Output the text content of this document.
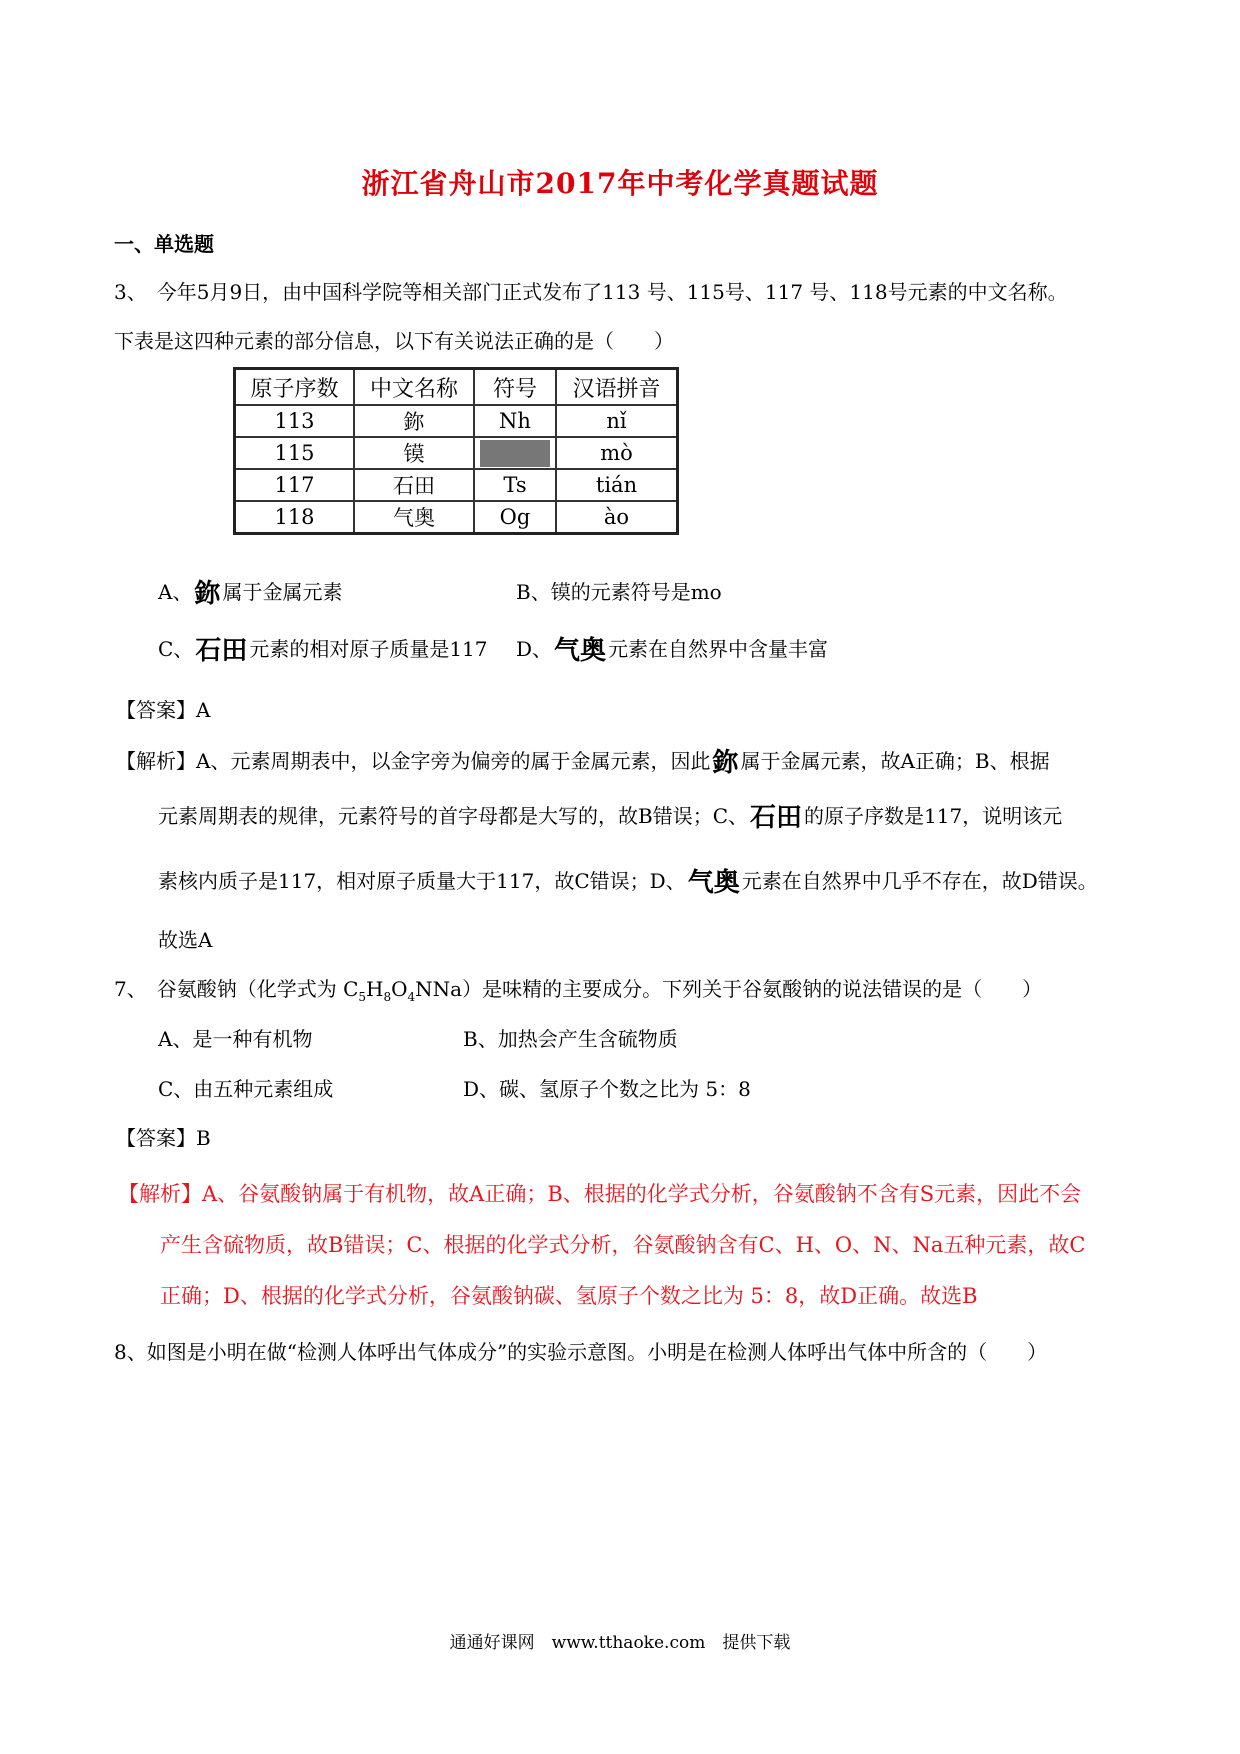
浙江省舟山市2017年中考化学真题试题
一、单选题
3、　今年5月9日，由中国科学院等相关部门正式发布了113 号、115号、117 号、118号元素的中文名称。
下表是这四种元素的部分信息，以下有关说法正确的是（　　）
原子序数	中文名称	符号	汉语拼音
113	鉨	Nh	nǐ
115	镆		mò
117	石田	Ts	tián
118	气奥	Og	ào
A、鉨 属于金属元素	B、镆的元素符号是mo
C、石田 元素的相对原子质量是117 D、气奥 元素在自然界中含量丰富
【答案】A
【解析】A、元素周期表中，以金字旁为偏旁的属于金属元素，因此鉨 属于金属元素，故A正确；B、根据
元素周期表的规律，元素符号的首字母都是大写的，故B错误；C、石田 的原子序数是117，说明该元
素核内质子是117，相对原子质量大于117，故C错误；D、气奥 元素在自然界中几乎不存在，故D错误。
故选A
7、　谷氨酸钠（化学式为 $C_5H_8O_4NNa$）是味精的主要成分。下列关于谷氨酸钠的说法错误的是（　　）
A、是一种有机物	B、加热会产生含硫物质
C、由五种元素组成	D、碳、氢原子个数之比为 5：8
【答案】B
【解析】A、谷氨酸钠属于有机物，故A正确；B、根据的化学式分析，谷氨酸钠不含有S元素，因此不会
产生含硫物质，故B错误；C、根据的化学式分析，谷氨酸钠含有C、H、O、N、Na五种元素，故C
正确；D、根据的化学式分析，谷氨酸钠碳、氢原子个数之比为 5：8，故D正确。故选B
8、如图是小明在做“检测人体呼出气体成分”的实验示意图。小明是在检测人体呼出气体中所含的（　　）
通通好课网　www.tthaoke.com　提供下载
